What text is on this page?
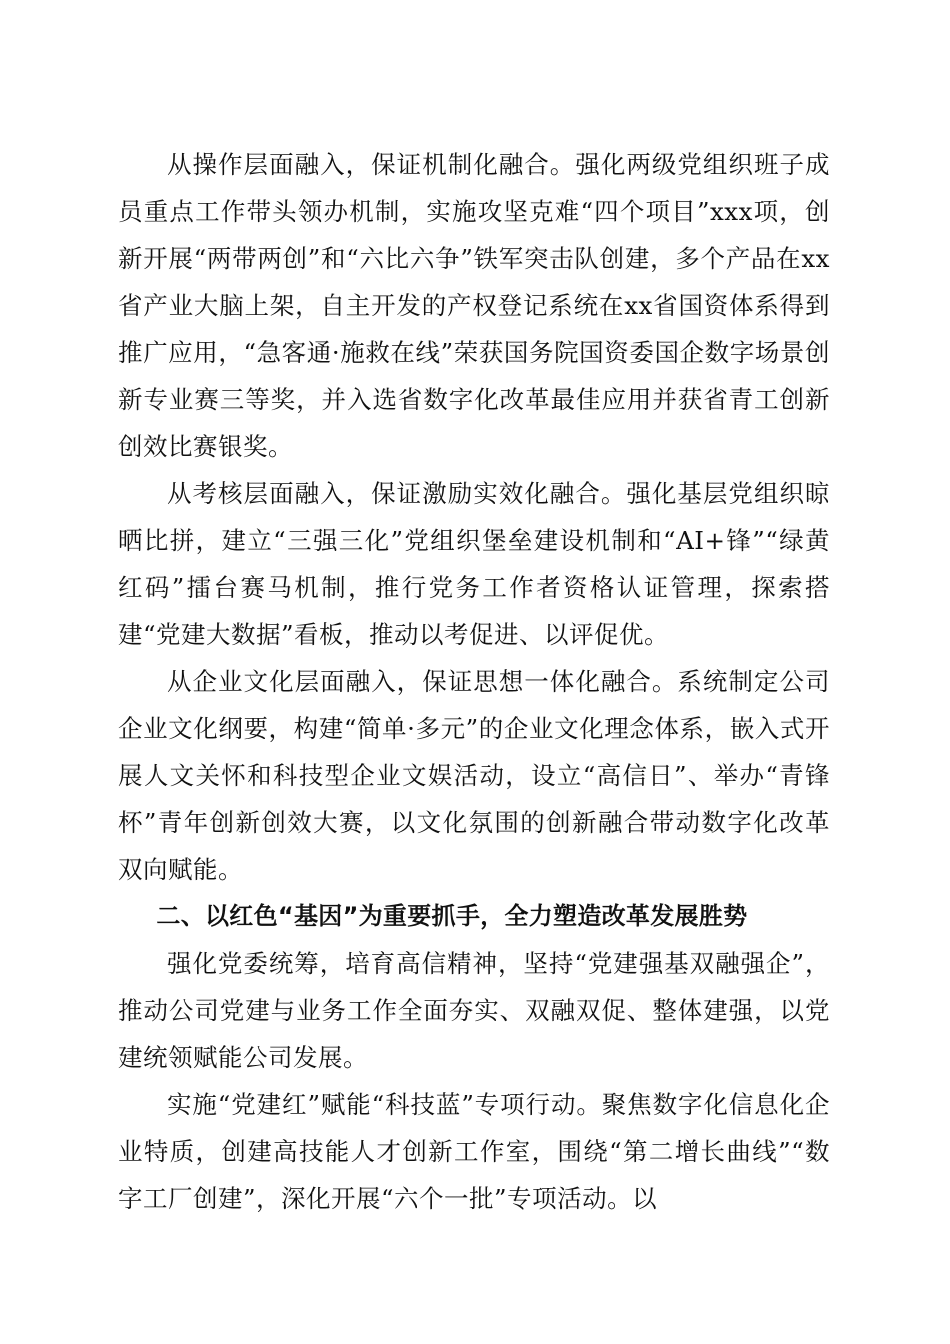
从操作层面融入，保证机制化融合。强化两级党组织班子成员重点工作带头领办机制，实施攻坚克难“四个项目”xxx项，创新开展“两带两创”和“六比六争”铁军突击队创建，多个产品在xx省产业大脑上架，自主开发的产权登记系统在xx省国资体系得到推广应用，“急客通·施救在线”荣获国务院国资委国企数字场景创新专业赛三等奖，并入选省数字化改革最佳应用并获省青工创新创效比赛银奖。

从考核层面融入，保证激励实效化融合。强化基层党组织晾晒比拼，建立“三强三化”党组织堡垒建设机制和“AI+锋”“绿黄红码”擂台赛马机制，推行党务工作者资格认证管理，探索搭建“党建大数据”看板，推动以考促进、以评促优。

从企业文化层面融入，保证思想一体化融合。系统制定公司企业文化纲要，构建“简单·多元”的企业文化理念体系，嵌入式开展人文关怀和科技型企业文娱活动，设立“高信日”、举办“青锋杯”青年创新创效大赛，以文化氛围的创新融合带动数字化改革双向赋能。

二、以红色“基因”为重要抓手，全力塑造改革发展胜势

强化党委统筹，培育高信精神，坚持“党建强基双融强企”，推动公司党建与业务工作全面夯实、双融双促、整体建强，以党建统领赋能公司发展。

实施“党建红”赋能“科技蓝”专项行动。聚焦数字化信息化企业特质，创建高技能人才创新工作室，围绕“第二增长曲线”“数字工厂创建”，深化开展“六个一批”专项活动。以
